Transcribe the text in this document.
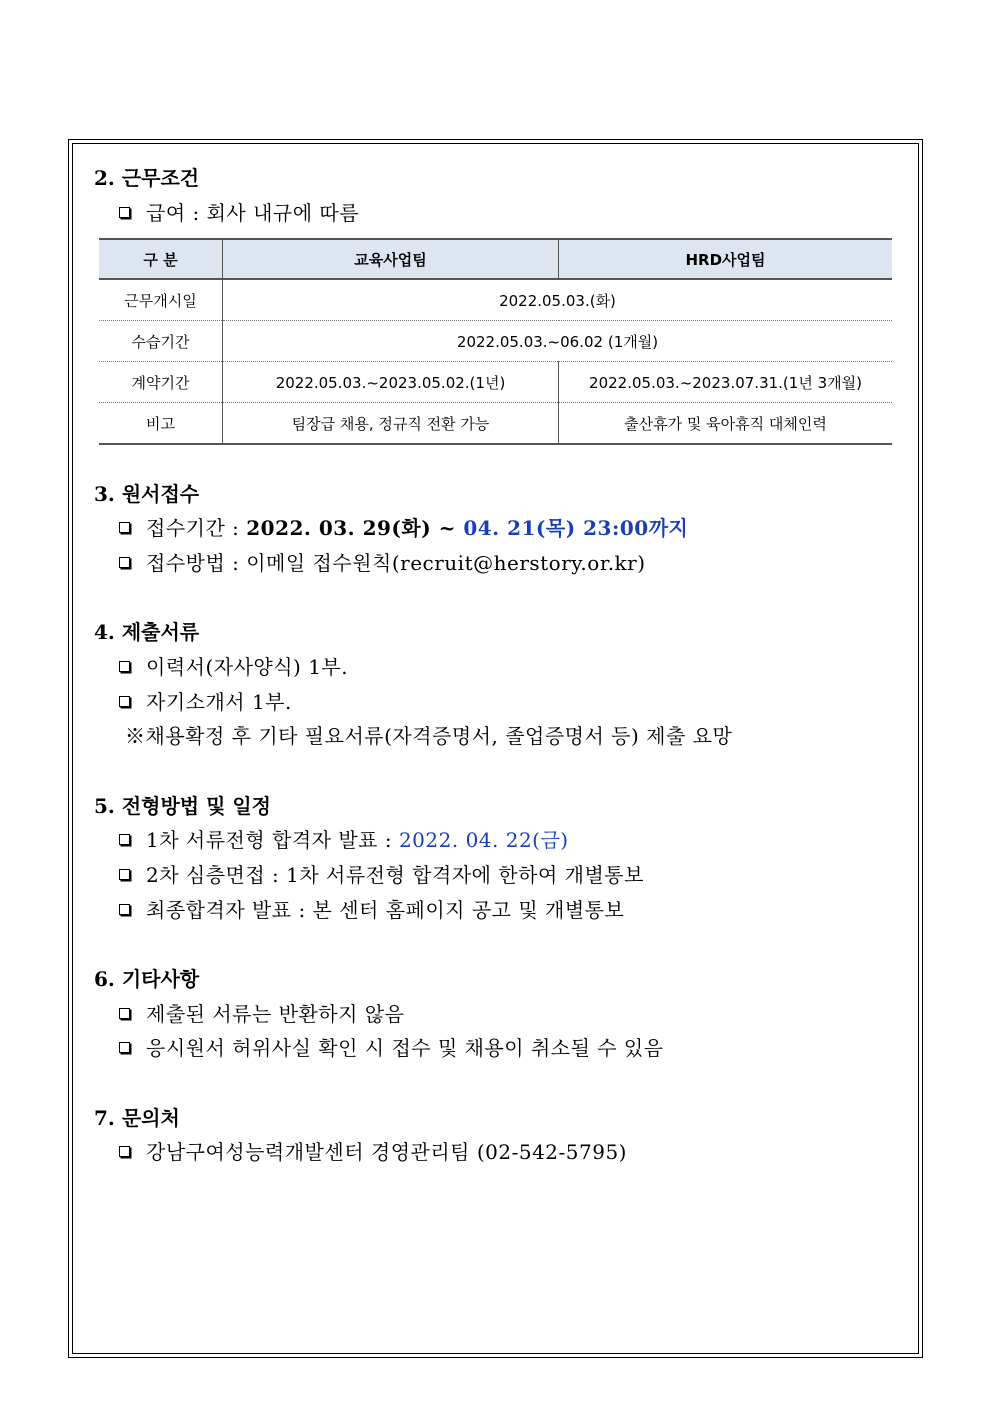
2. 근무조건
급여 : 회사 내규에 따름
구 분	교육사업팀	HRD사업팀
근무개시일	2022.05.03.(화)	
수습기간	2022.05.03.~06.02 (1개월)	
계약기간	2022.05.03.~2023.05.02.(1년)	2022.05.03.~2023.07.31.(1년 3개월)
비고	팀장급 채용, 정규직 전환 가능	출산휴가 및 육아휴직 대체인력
3. 원서접수
접수기간 : 2022. 03. 29(화) ~ 04. 21(목) 23:00까지
접수방법 : 이메일 접수원칙(recruit@herstory.or.kr)
4. 제출서류
이력서(자사양식) 1부.
자기소개서 1부.
※채용확정 후 기타 필요서류(자격증명서, 졸업증명서 등) 제출 요망
5. 전형방법 및 일정
1차 서류전형 합격자 발표 : 2022. 04. 22(금)
2차 심층면접 : 1차 서류전형 합격자에 한하여 개별통보
최종합격자 발표 : 본 센터 홈페이지 공고 및 개별통보
6. 기타사항
제출된 서류는 반환하지 않음
응시원서 허위사실 확인 시 접수 및 채용이 취소될 수 있음
7. 문의처
강남구여성능력개발센터 경영관리팀 (02-542-5795)
